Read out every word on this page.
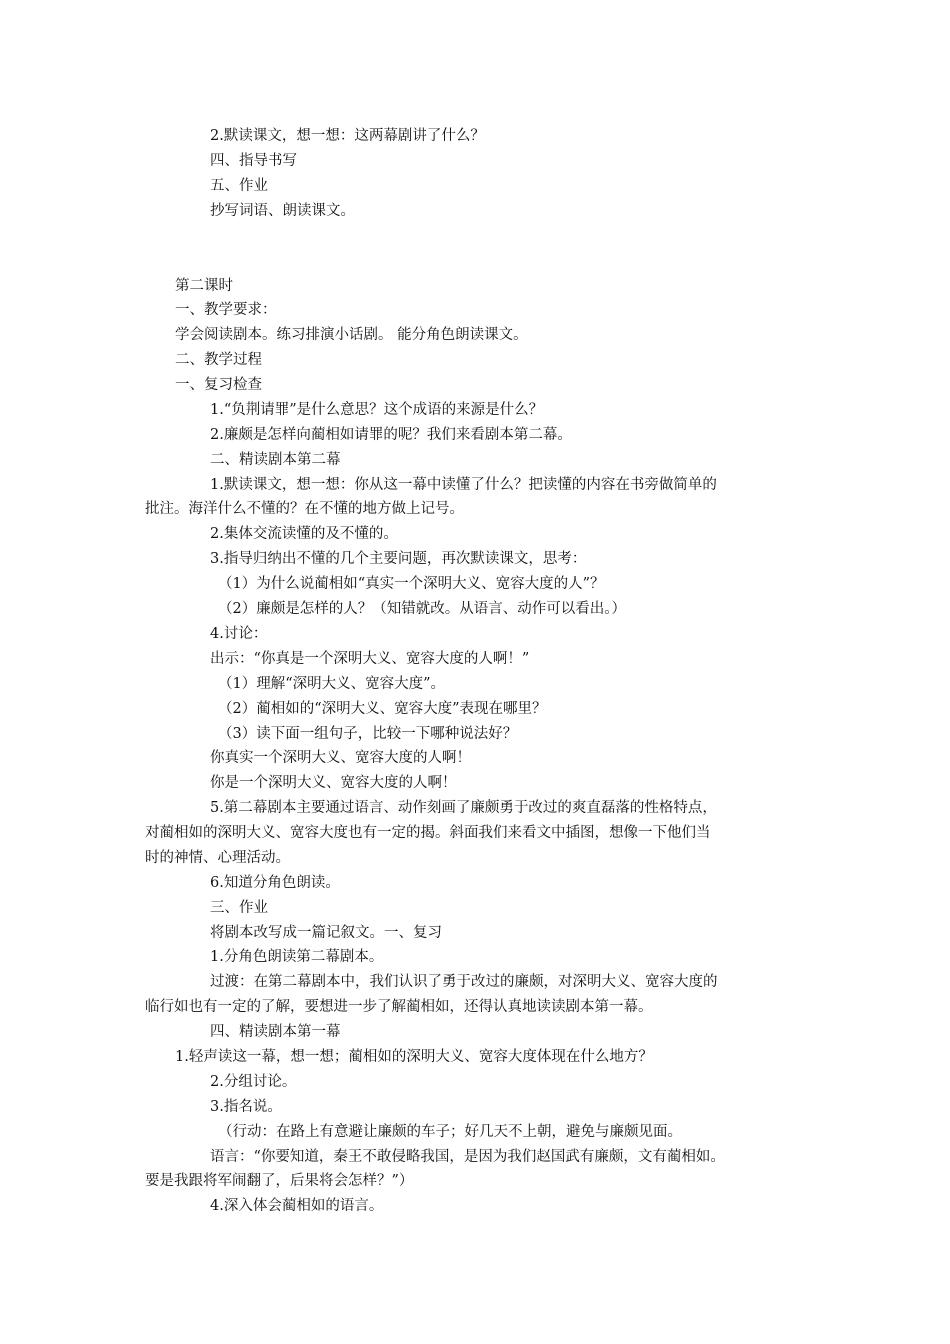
2.默读课文，想一想：这两幕剧讲了什么？
四、指导书写
五、作业
抄写词语、朗读课文。
第二课时
一、教学要求：
学会阅读剧本。练习排演小话剧。 能分角色朗读课文。
二、教学过程
一、复习检查
1.“负荆请罪”是什么意思？这个成语的来源是什么？
2.廉颇是怎样向蔺相如请罪的呢？我们来看剧本第二幕。
二、精读剧本第二幕
1.默读课文，想一想：你从这一幕中读懂了什么？把读懂的内容在书旁做简单的
批注。海洋什么不懂的？在不懂的地方做上记号。
2.集体交流读懂的及不懂的。
3.指导归纳出不懂的几个主要问题，再次默读课文，思考：
（1）为什么说蔺相如“真实一个深明大义、宽容大度的人”？
（2）廉颇是怎样的人？（知错就改。从语言、动作可以看出。）
4.讨论：
出示：“你真是一个深明大义、宽容大度的人啊！”
（1）理解“深明大义、宽容大度”。
（2）蔺相如的“深明大义、宽容大度”表现在哪里？
（3）读下面一组句子，比较一下哪种说法好？
你真实一个深明大义、宽容大度的人啊！
你是一个深明大义、宽容大度的人啊！
5.第二幕剧本主要通过语言、动作刻画了廉颇勇于改过的爽直磊落的性格特点，
对蔺相如的深明大义、宽容大度也有一定的揭。斜面我们来看文中插图，想像一下他们当
时的神情、心理活动。
6.知道分角色朗读。
三、作业
将剧本改写成一篇记叙文。一、复习
1.分角色朗读第二幕剧本。
过渡：在第二幕剧本中，我们认识了勇于改过的廉颇，对深明大义、宽容大度的
临行如也有一定的了解，要想进一步了解蔺相如，还得认真地读读剧本第一幕。
四、精读剧本第一幕
1.轻声读这一幕，想一想；蔺相如的深明大义、宽容大度体现在什么地方？
2.分组讨论。
3.指名说。
（行动：在路上有意避让廉颇的车子；好几天不上朝，避免与廉颇见面。
语言：“你要知道，秦王不敢侵略我国，是因为我们赵国武有廉颇，文有蔺相如。
要是我跟将军闹翻了，后果将会怎样？”）
4.深入体会蔺相如的语言。
